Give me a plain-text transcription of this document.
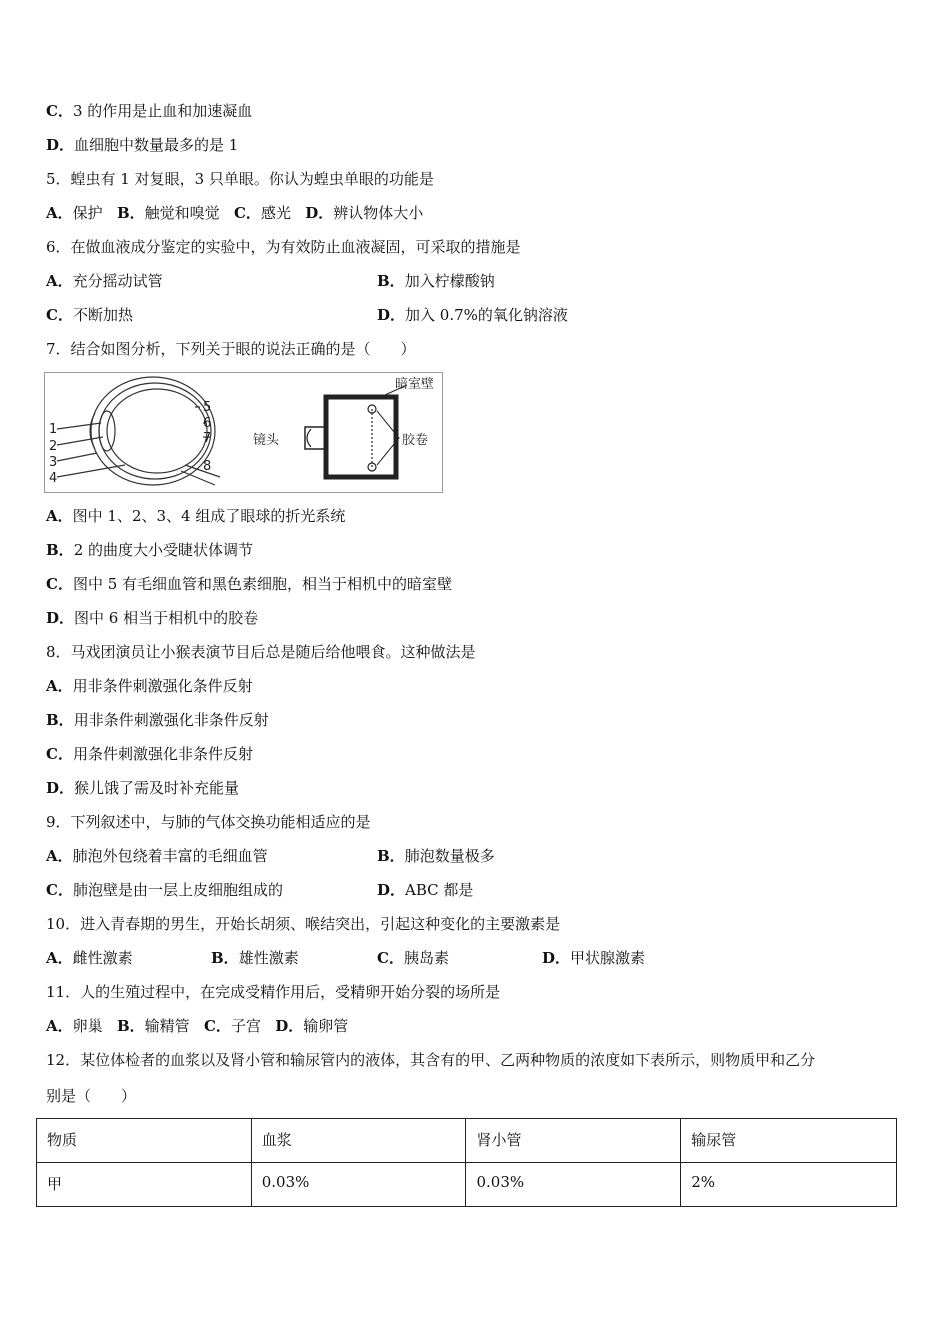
C．3 的作用是止血和加速凝血
D．血细胞中数量最多的是 1
5．蝗虫有 1 对复眼，3 只单眼。你认为蝗虫单眼的功能是
A．保护 B．触觉和嗅觉 C．感光 D．辨认物体大小
6．在做血液成分鉴定的实验中，为有效防止血液凝固，可采取的措施是
A．充分摇动试管	B．加入柠檬酸钠
C．不断加热	D．加入 0.7%的氧化钠溶液
7．结合如图分析，下列关于眼的说法正确的是（　　）
1
2
3
4
5
6
7
8
暗室壁
镜头	胶卷
A．图中 1、2、3、4 组成了眼球的折光系统
B．2 的曲度大小受睫状体调节
C．图中 5 有毛细血管和黑色素细胞，相当于相机中的暗室壁
D．图中 6 相当于相机中的胶卷
8．马戏团演员让小猴表演节目后总是随后给他喂食。这种做法是
A．用非条件刺激强化条件反射
B．用非条件刺激强化非条件反射
C．用条件刺激强化非条件反射
D．猴儿饿了需及时补充能量
9．下列叙述中，与肺的气体交换功能相适应的是
A．肺泡外包绕着丰富的毛细血管	B．肺泡数量极多
C．肺泡壁是由一层上皮细胞组成的	D．ABC 都是
10．进入青春期的男生，开始长胡须、喉结突出，引起这种变化的主要激素是
A．雌性激素	B．雄性激素	C．胰岛素	D．甲状腺激素
11．人的生殖过程中，在完成受精作用后，受精卵开始分裂的场所是
A．卵巢 B．输精管 C．子宫 D．输卵管
12．某位体检者的血浆以及肾小管和输尿管内的液体，其含有的甲、乙两种物质的浓度如下表所示，则物质甲和乙分
别是（　　）
物质	血浆	肾小管	输尿管
甲	0.03%	0.03%	2%
